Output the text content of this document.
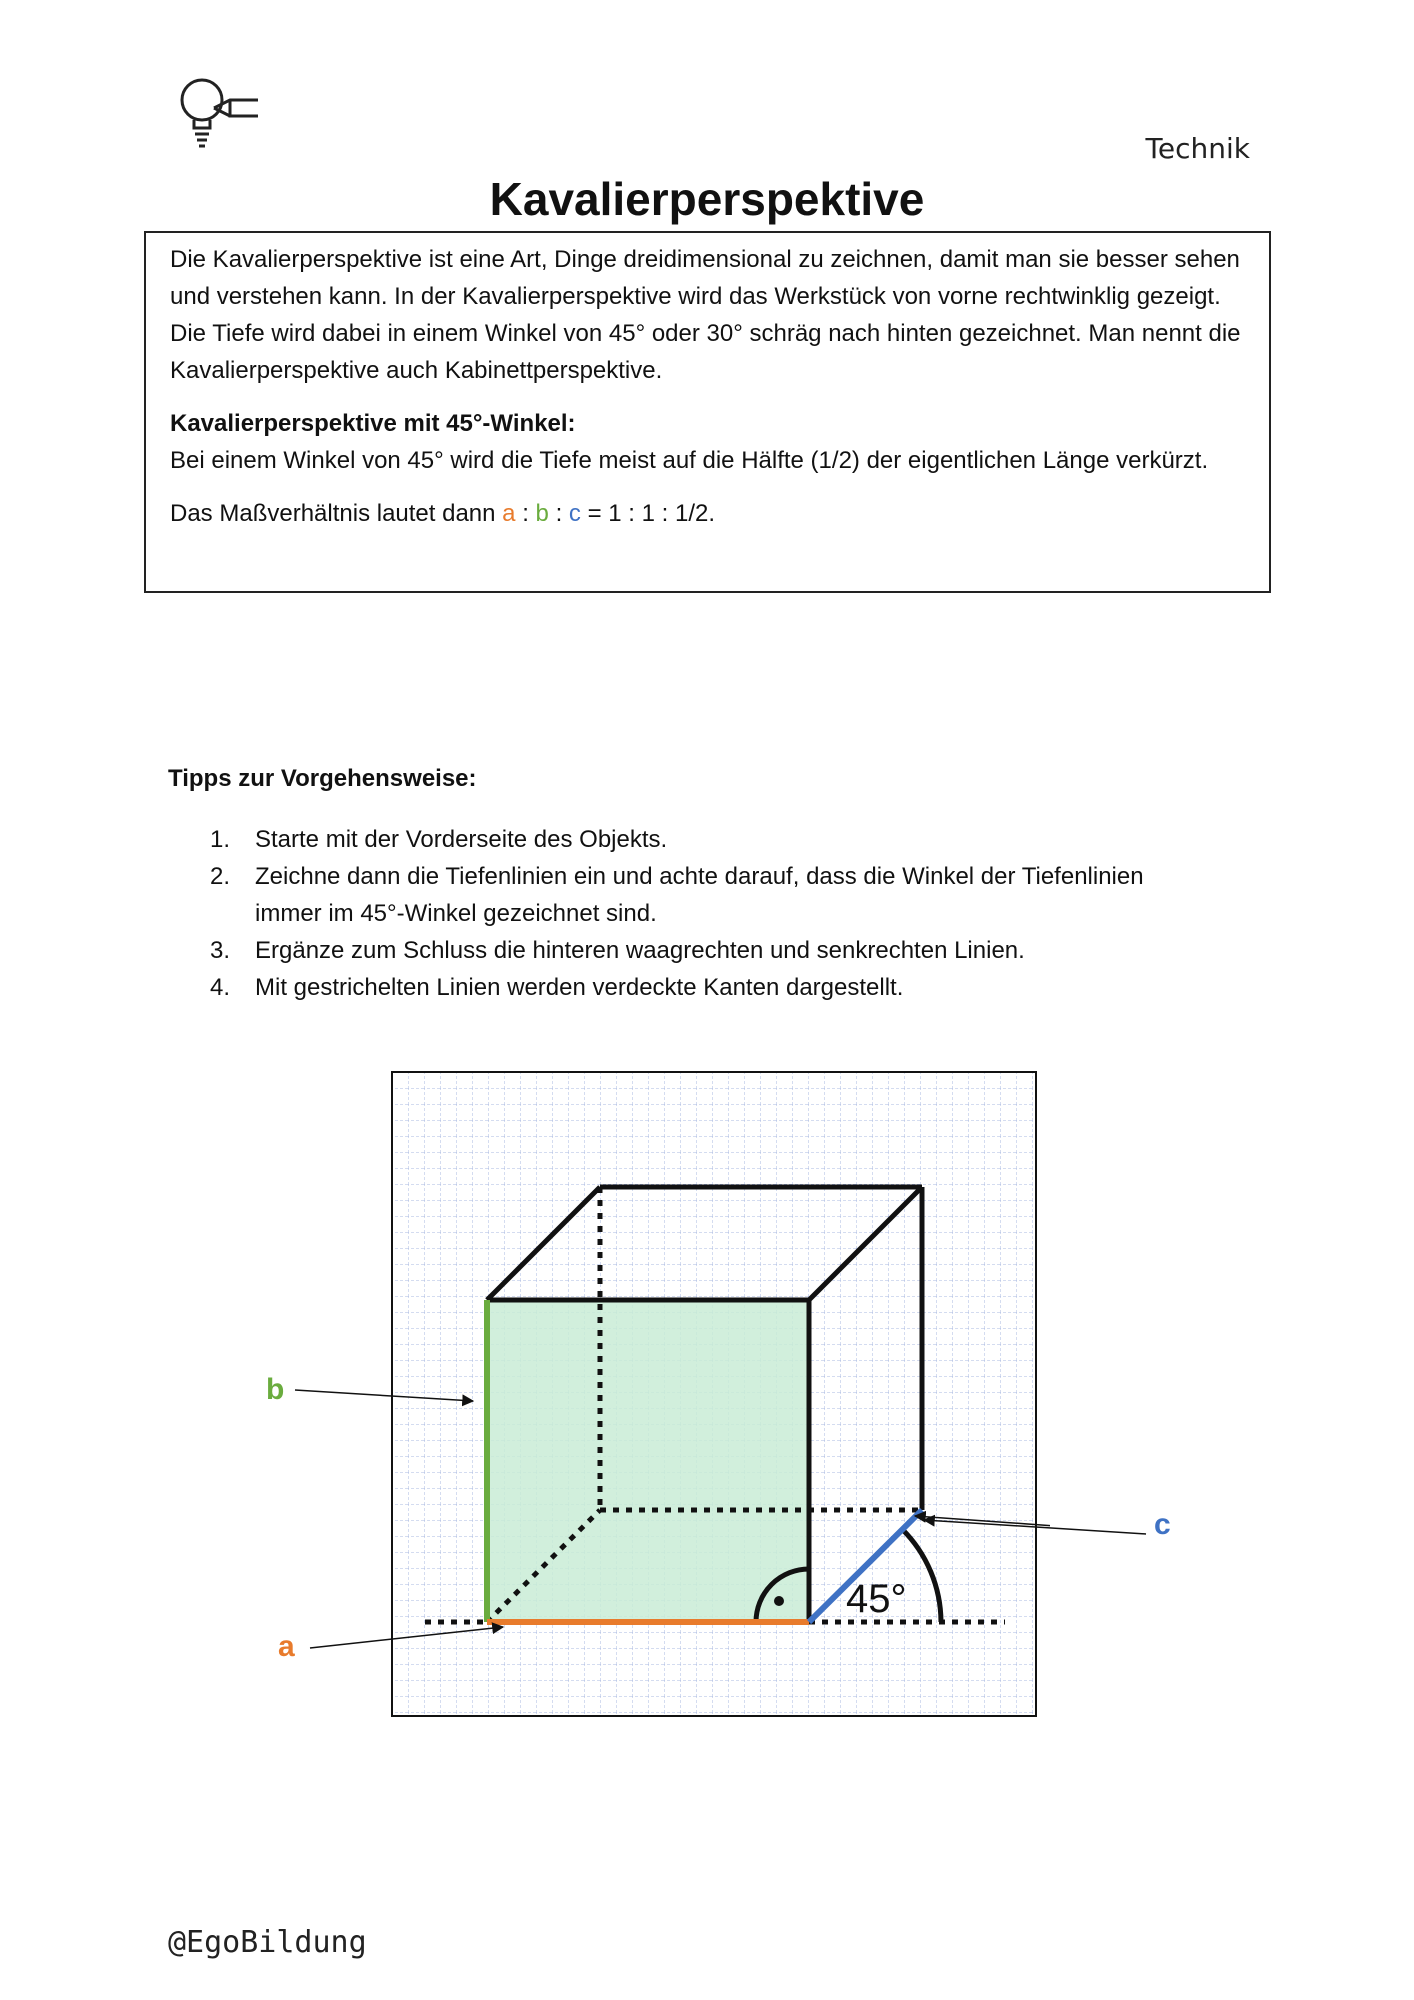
Technik
Kavalierperspektive

Die Kavalierperspektive ist eine Art, Dinge dreidimensional zu zeichnen, damit man sie besser sehen und verstehen kann. In der Kavalierperspektive wird das Werkstück von vorne rechtwinklig gezeigt. Die Tiefe wird dabei in einem Winkel von 45° oder 30° schräg nach hinten gezeichnet. Man nennt die Kavalierperspektive auch Kabinettperspektive.

Kavalierperspektive mit 45°-Winkel:
Bei einem Winkel von 45° wird die Tiefe meist auf die Hälfte (1/2) der eigentlichen Länge verkürzt.

Das Maßverhältnis lautet dann a : b : c = 1 : 1 : 1/2.

Tipps zur Vorgehensweise:
1. Starte mit der Vorderseite des Objekts.
2. Zeichne dann die Tiefenlinien ein und achte darauf, dass die Winkel der Tiefenlinien immer im 45°-Winkel gezeichnet sind.
3. Ergänze zum Schluss die hinteren waagrechten und senkrechten Linien.
4. Mit gestrichelten Linien werden verdeckte Kanten dargestellt.
45°
b
a
c
@EgoBildung
